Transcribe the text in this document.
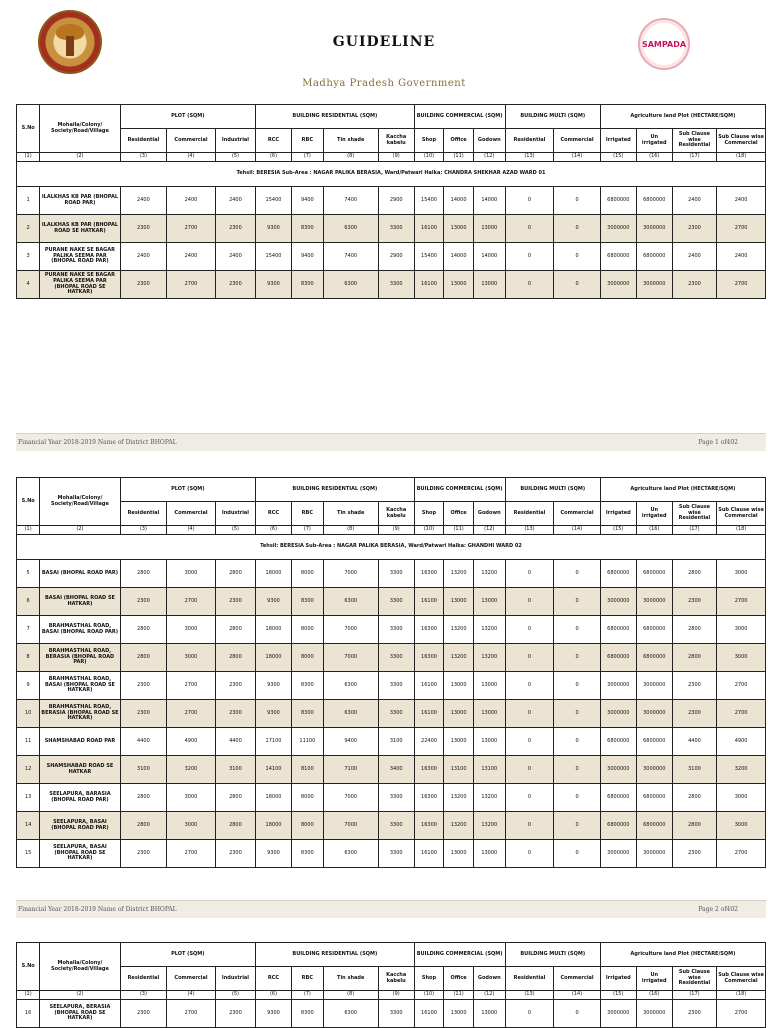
GUIDELINE	SAMPADA
Madhya Pradesh Government
S.No	Mohalla/Colony/ Society/Road/Village	PLOT (SQM)			BUILDING RESIDENTIAL (SQM)				BUILDING COMMERCIAL (SQM)			BUILDING MULTI (SQM)		Agriculture land Plot (HECTARE/SQM)			
		Residential	Commercial	Industrial	RCC	RBC	Tin shade	Kaccha kabelu	Shop	Office	Godown	Residential	Commercial	Irrigated	Un irrigated	Sub Clause wise Residential	Sub Clause wise Commercial
(1)	(2)	(3)	(4)	(5)	(6)	(7)	(8)	(9)	(10)	(11)	(12)	(13)	(14)	(15)	(16)	(17)	(18)
Tehsil: BERESIA Sub-Area : NAGAR PALIKA BERASIA, Ward/Patwari Halka: CHANDRA SHEKHAR AZAD WARD 01																	
1	ILALKHAS KB PAR (BHOPAL ROAD PAR)	2400	2400	2400	15400	9400	7400	2900	15400	14000	14000	0	0	6800000	6800000	2400	2400
2	ILALKHAS KB PAR (BHOPAL ROAD SE HATKAR)	2300	2700	2300	9300	8300	6300	3300	16100	13000	13000	0	0	3000000	3000000	2300	2700
3	PURANE NAKE SE BAGAR PALIKA SEEMA PAR (BHOPAL ROAD PAR)	2400	2400	2400	15400	9400	7400	2900	15400	14000	14000	0	0	6800000	6800000	2400	2400
4	PURANE NAKE SE BAGAR PALIKA SEEMA PAR (BHOPAL ROAD SE HATKAR)	2300	2700	2300	9300	8300	6300	3300	16100	13000	13000	0	0	3000000	3000000	2300	2700
Financial Year 2018-2019 Name of District BHOPAL	Page 1 of402
S.No	Mohalla/Colony/ Society/Road/Village	PLOT (SQM)			BUILDING RESIDENTIAL (SQM)				BUILDING COMMERCIAL (SQM)			BUILDING MULTI (SQM)		Agriculture land Plot (HECTARE/SQM)			
		Residential	Commercial	Industrial	RCC	RBC	Tin shade	Kaccha kabelu	Shop	Office	Godown	Residential	Commercial	Irrigated	Un irrigated	Sub Clause wise Residential	Sub Clause wise Commercial
(1)	(2)	(3)	(4)	(5)	(6)	(7)	(8)	(9)	(10)	(11)	(12)	(13)	(14)	(15)	(16)	(17)	(18)
Tehsil: BERESIA Sub-Area : NAGAR PALIKA BERASIA, Ward/Patwari Halka: GHANDHI WARD 02																	
5	BASAI (BHOPAL ROAD PAR)	2800	3000	2800	18000	8000	7000	3300	16300	13200	13200	0	0	6800000	6800000	2800	3000
6	BASAI (BHOPAL ROAD SE HATKAR)	2300	2700	2300	9300	8300	6300	3300	16100	13000	13000	0	0	3000000	3000000	2300	2700
7	BRAHMASTHAL ROAD, BASAI (BHOPAL ROAD PAR)	2800	3000	2800	18000	8000	7000	3300	16300	13200	13200	0	0	6800000	6800000	2800	3000
8	BRAHMASTHAL ROAD, BERASIA (BHOPAL ROAD PAR)	2800	3000	2800	18000	8000	7000	3300	16300	13200	13200	0	0	6800000	6800000	2800	3000
9	BRAHMASTHAL ROAD, BASAI (BHOPAL ROAD SE HATKAR)	2300	2700	2300	9300	8300	6300	3300	16100	13000	13000	0	0	3000000	3000000	2300	2700
10	BRAHMASTHAL ROAD, BERASIA (BHOPAL ROAD SE HATKAR)	2300	2700	2300	9300	8300	6300	3300	16100	13000	13000	0	0	3000000	3000000	2300	2700
11	SHAMSHABAD ROAD PAR	4400	4900	4400	17100	11100	9400	3100	22400	13000	13000	0	0	6800000	6800000	4400	4900
12	SHAMSHABAD ROAD SE HATKAR	3100	3200	3100	14100	8100	7100	3400	16300	13100	13100	0	0	3000000	3000000	3100	3200
13	SEELAPURA, BARASIA (BHOPAL ROAD PAR)	2800	3000	2800	18000	8000	7000	3300	16300	13200	13200	0	0	6800000	6800000	2800	3000
14	SEELAPURA, BASAI (BHOPAL ROAD PAR)	2800	3000	2800	18000	8000	7000	3300	16300	13200	13200	0	0	6800000	6800000	2800	3000
15	SEELAPURA, BASAI (BHOPAL ROAD SE HATKAR)	2300	2700	2300	9300	8300	6300	3300	16100	13000	13000	0	0	3000000	3000000	2300	2700
Financial Year 2018-2019 Name of District BHOPAL	Page 2 of402
S.No	Mohalla/Colony/ Society/Road/Village	PLOT (SQM)			BUILDING RESIDENTIAL (SQM)				BUILDING COMMERCIAL (SQM)			BUILDING MULTI (SQM)		Agriculture land Plot (HECTARE/SQM)			
		Residential	Commercial	Industrial	RCC	RBC	Tin shade	Kaccha kabelu	Shop	Office	Godown	Residential	Commercial	Irrigated	Un irrigated	Sub Clause wise Residential	Sub Clause wise Commercial
(1)	(2)	(3)	(4)	(5)	(6)	(7)	(8)	(9)	(10)	(11)	(12)	(13)	(14)	(15)	(16)	(17)	(18)
16	SEELAPURA, BERASIA (BHOPAL ROAD SE HATKAR)	2300	2700	2300	9300	8300	6300	3300	16100	13000	13000	0	0	3000000	3000000	2300	2700
